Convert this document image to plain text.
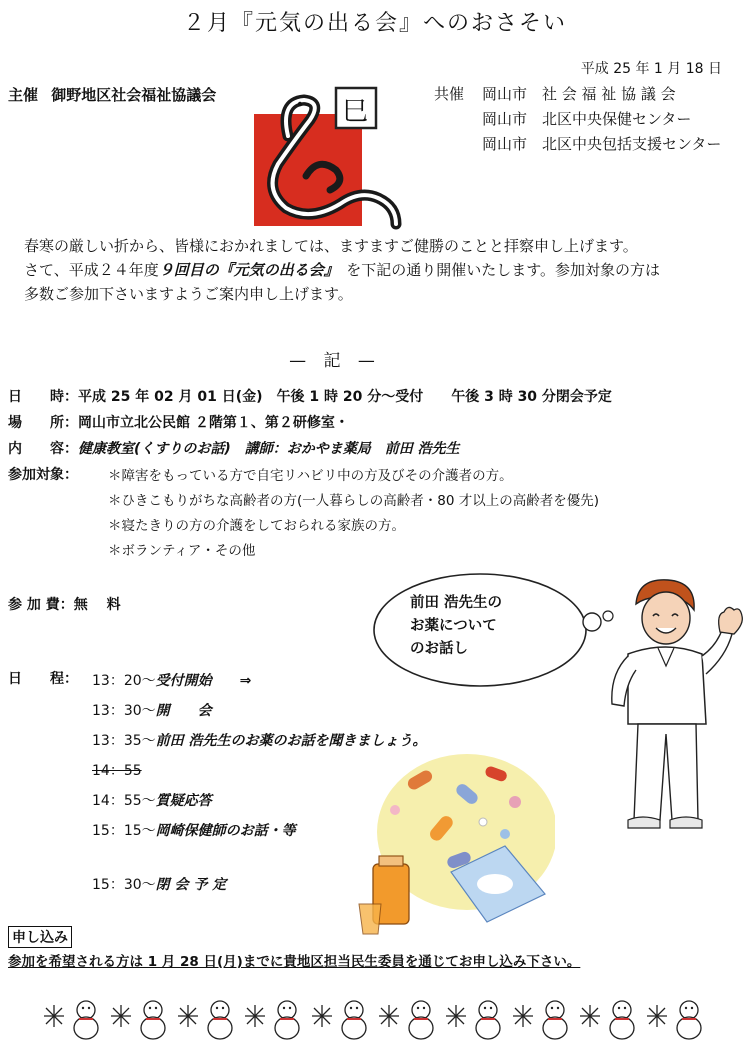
２月『元気の出る会』へのおさそい
平成 25 年 1 月 18 日
主催 御野地区社会福祉協議会
巳
共催	岡山市 社 会 福 祉 協 議 会
岡山市 北区中央保健センター
岡山市 北区中央包括支援センター

春寒の厳しい折から、皆様におかれましては、ますますご健勝のことと拝察申し上げます。

さて、平成２４年度９回目の『元気の出る会』　 を下記の通り開催いたします。参加対象の方は

多数ご参加下さいますようご案内申し上げます。

— 記 —
日　　時：平成 25 年 02 月 01 日(金)　午後 1 時 20 分～受付　　午後 3 時 30 分閉会予定
場　　所：岡山市立北公民館 ２階第１、第２研修室・
内　　容：健康教室(くすりのお話)　講師：おかやま薬局　前田 浩先生
参加対象： ＊障害をもっている方で自宅リハビリ中の方及びその介護者の方。
＊ひきこもりがちな高齢者の方(一人暮らしの高齢者・80 才以上の高齢者を優先)
＊寝たきりの方の介護をしておられる家族の方。
＊ボランティア・その他
参 加 費：無　 料
日　　程： 13：20～受付開始　　⇒
13：30～開　　会
13：35～前田 浩先生のお薬のお話を聞きましょう。
14：55
14：55～質疑応答
15：15～岡崎保健師のお話・等
15：30～閉 会 予 定
前田 浩先生の
お薬について
のお話し
申し込み
参加を希望される方は 1 月 28 日(月)までに貴地区担当民生委員を通じてお申し込み下さい。
